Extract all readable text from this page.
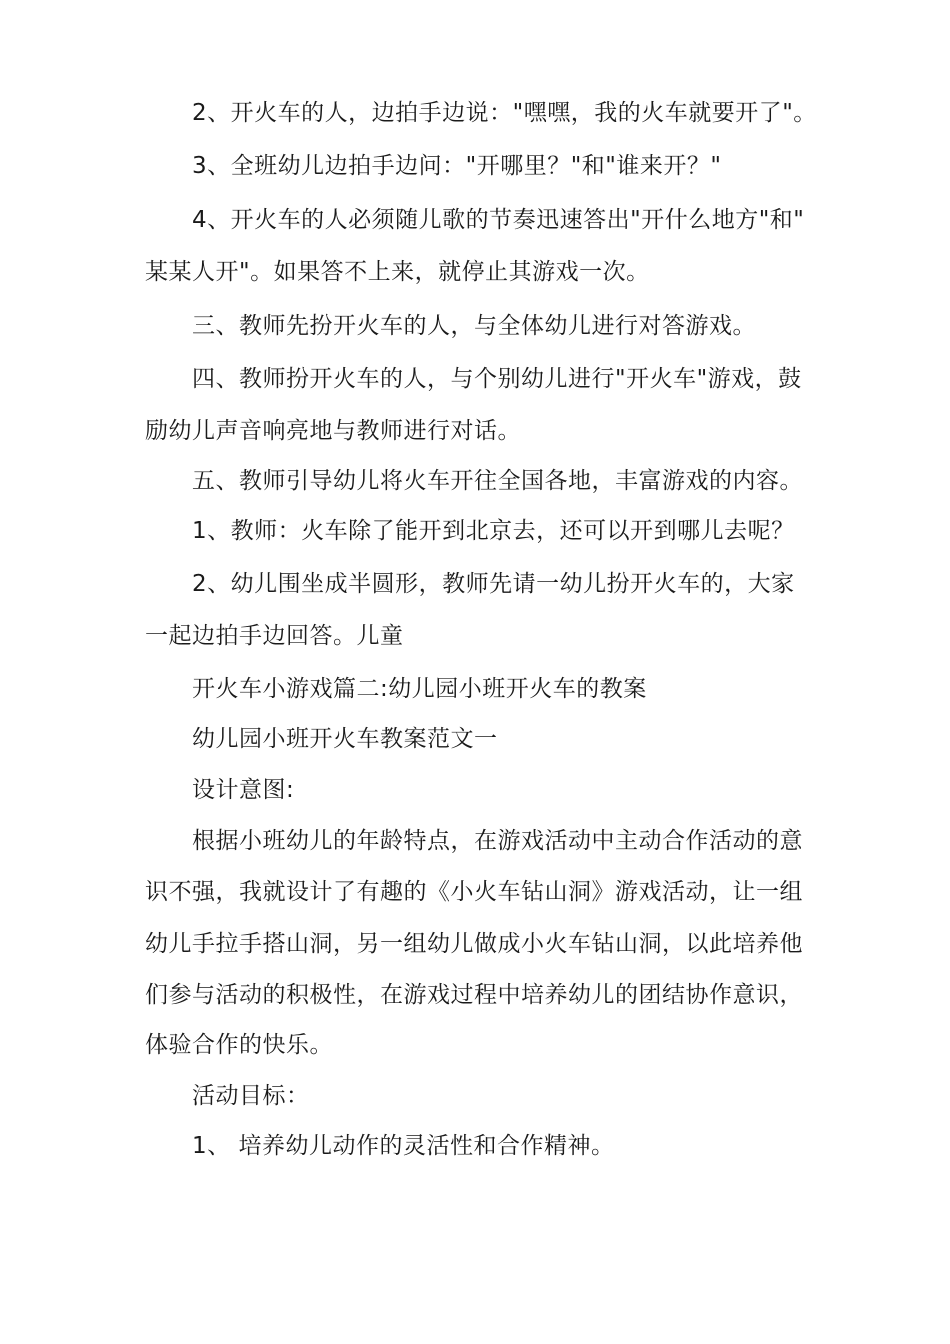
2、开火车的人，边拍手边说："嘿嘿，我的火车就要开了"。
3、全班幼儿边拍手边问："开哪里？"和"谁来开？"
4、开火车的人必须随儿歌的节奏迅速答出"开什么地方"和"
某某人开"。如果答不上来，就停止其游戏一次。
三、教师先扮开火车的人，与全体幼儿进行对答游戏。
四、教师扮开火车的人，与个别幼儿进行"开火车"游戏，鼓
励幼儿声音响亮地与教师进行对话。
五、教师引导幼儿将火车开往全国各地，丰富游戏的内容。
1、教师：火车除了能开到北京去，还可以开到哪儿去呢？
2、幼儿围坐成半圆形，教师先请一幼儿扮开火车的，大家
一起边拍手边回答。儿童
开火车小游戏篇二:幼儿园小班开火车的教案
幼儿园小班开火车教案范文一
设计意图:
根据小班幼儿的年龄特点，在游戏活动中主动合作活动的意
识不强，我就设计了有趣的《小火车钻山洞》游戏活动，让一组
幼儿手拉手搭山洞，另一组幼儿做成小火车钻山洞，以此培养他
们参与活动的积极性，在游戏过程中培养幼儿的团结协作意识，
体验合作的快乐。
活动目标：
1、 培养幼儿动作的灵活性和合作精神。
